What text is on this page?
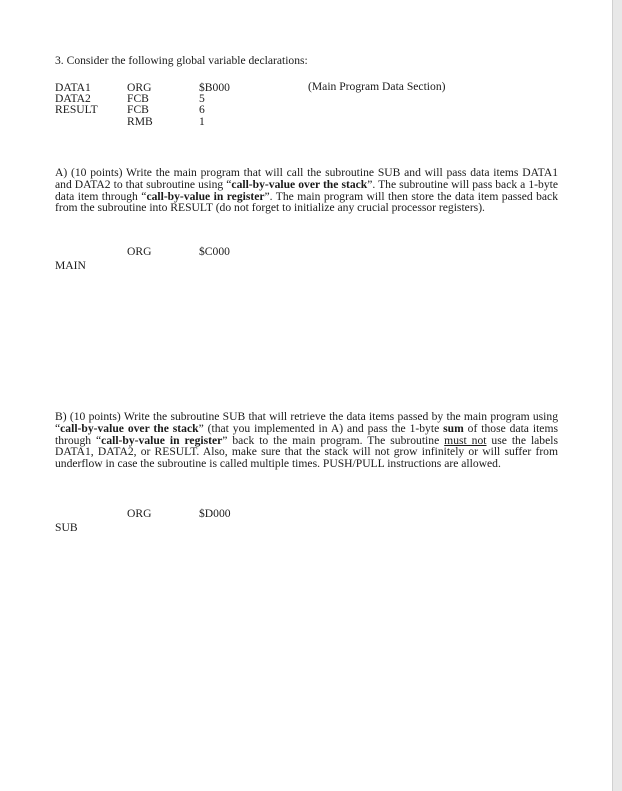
3. Consider the following global variable declarations:
DATA1
DATA2
RESULT
ORG
FCB
FCB
RMB
$B000
5
6
1
(Main Program Data Section)
A) (10 points) Write the main program that will call the subroutine SUB and will pass data items DATA1 and DATA2 to that subroutine using “call-by-value over the stack”. The subroutine will pass back a 1-byte data item through “call-by-value in register”. The main program will then store the data item passed back from the subroutine into RESULT (do not forget to initialize any crucial processor registers).
ORG	$C000
MAIN
B) (10 points) Write the subroutine SUB that will retrieve the data items passed by the main program using “call-by-value over the stack” (that you implemented in A) and pass the 1-byte sum of those data items through “call-by-value in register” back to the main program. The subroutine must not use the labels DATA1, DATA2, or RESULT. Also, make sure that the stack will not grow infinitely or will suffer from underflow in case the subroutine is called multiple times. PUSH/PULL instructions are allowed.
ORG	$D000
SUB
